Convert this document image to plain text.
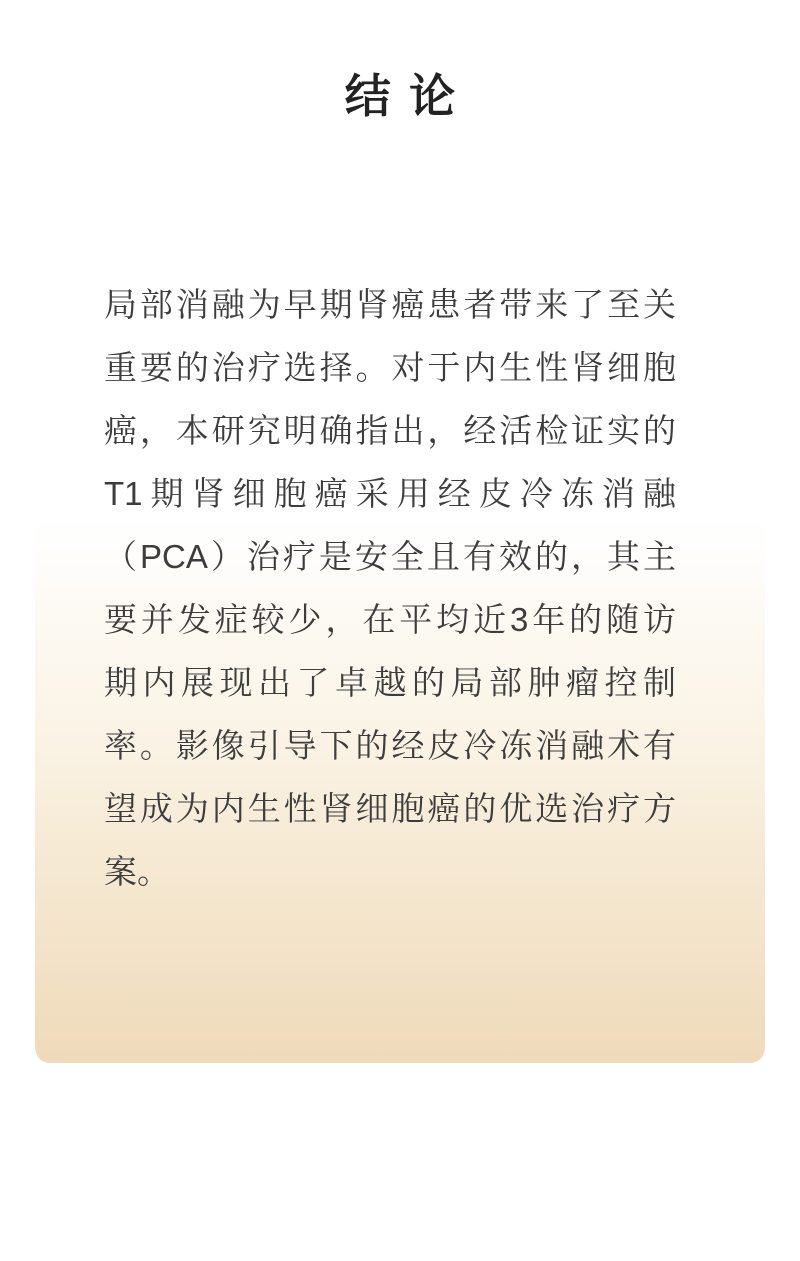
结论
局部消融为早期肾癌患者带来了至关
重要的治疗选择。对于内生性肾细胞
癌，本研究明确指出，经活检证实的
T1期肾细胞癌采用经皮冷冻消融
（PCA）治疗是安全且有效的，其主
要并发症较少，在平均近3年的随访
期内展现出了卓越的局部肿瘤控制
率。影像引导下的经皮冷冻消融术有
望成为内生性肾细胞癌的优选治疗方
案。
